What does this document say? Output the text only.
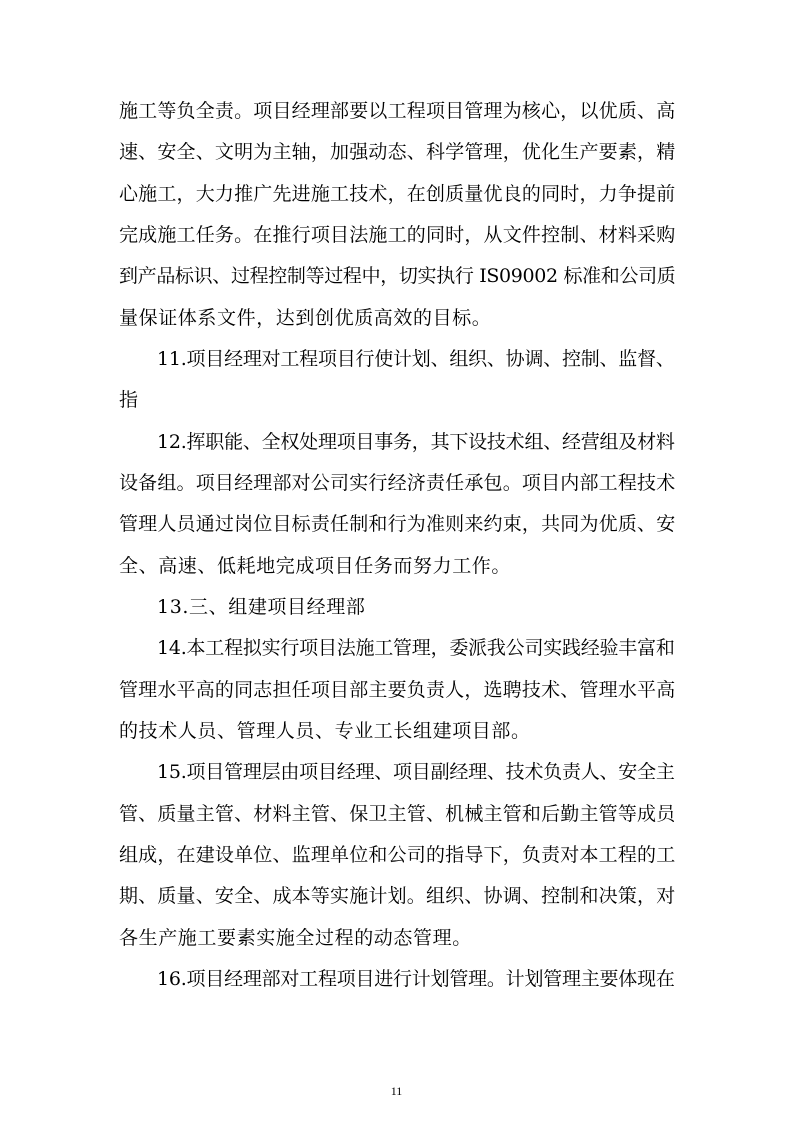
施工等负全责。项目经理部要以工程项目管理为核心，以优质、高
速、安全、文明为主轴，加强动态、科学管理，优化生产要素，精
心施工，大力推广先进施工技术，在创质量优良的同时，力争提前
完成施工任务。在推行项目法施工的同时，从文件控制、材料采购
到产品标识、过程控制等过程中，切实执行 IS09002 标准和公司质
量保证体系文件，达到创优质高效的目标。
11.项目经理对工程项目行使计划、组织、协调、控制、监督、
指
12.挥职能、全权处理项目事务，其下设技术组、经营组及材料
设备组。项目经理部对公司实行经济责任承包。项目内部工程技术
管理人员通过岗位目标责任制和行为准则来约束，共同为优质、安
全、高速、低耗地完成项目任务而努力工作。
13.三、组建项目经理部
14.本工程拟实行项目法施工管理，委派我公司实践经验丰富和
管理水平高的同志担任项目部主要负责人，选聘技术、管理水平高
的技术人员、管理人员、专业工长组建项目部。
15.项目管理层由项目经理、项目副经理、技术负责人、安全主
管、质量主管、材料主管、保卫主管、机械主管和后勤主管等成员
组成，在建设单位、监理单位和公司的指导下，负责对本工程的工
期、质量、安全、成本等实施计划。组织、协调、控制和决策，对
各生产施工要素实施全过程的动态管理。
16.项目经理部对工程项目进行计划管理。计划管理主要体现在
11
